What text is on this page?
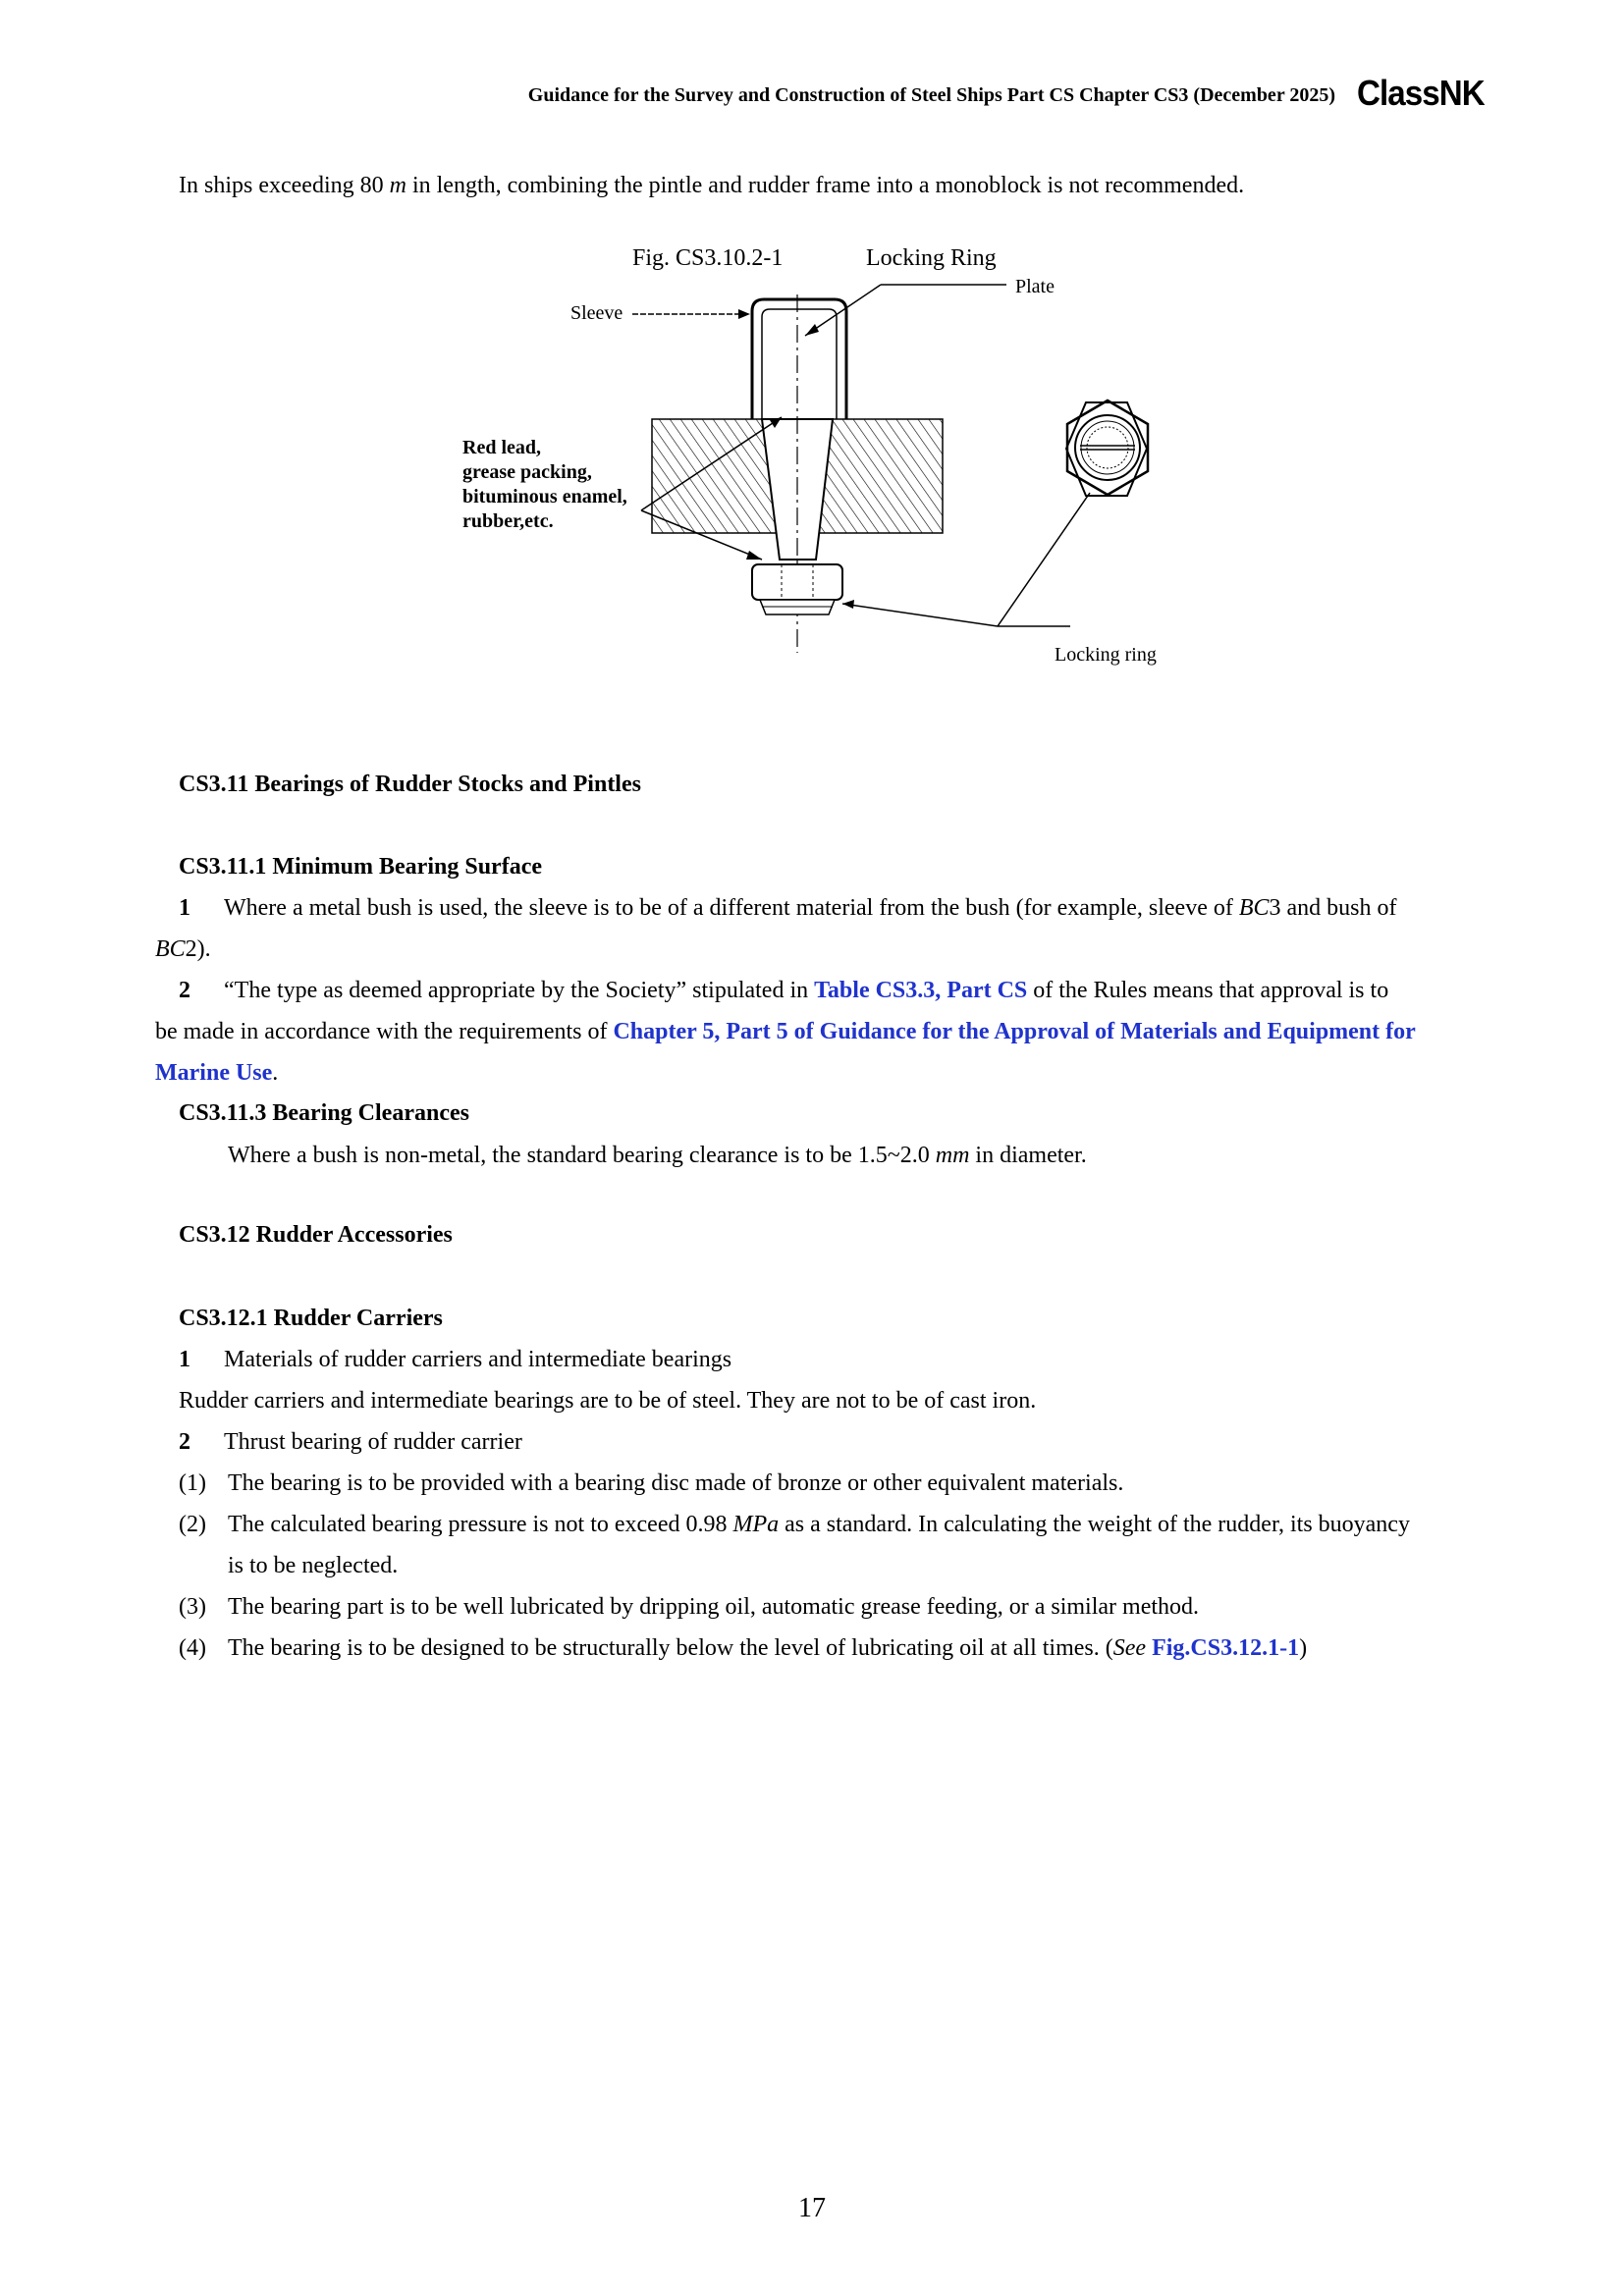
Guidance for the Survey and Construction of Steel Ships Part CS Chapter CS3 (December 2025) ClassNK
In ships exceeding 80 m in length, combining the pintle and rudder frame into a monoblock is not recommended.
Fig. CS3.10.2-1	Locking Ring
Plate
Sleeve
Red lead,
grease packing,
bituminous enamel,
rubber,etc.
Locking ring
CS3.11 Bearings of Rudder Stocks and Pintles
CS3.11.1 Minimum Bearing Surface
1 Where a metal bush is used, the sleeve is to be of a different material from the bush (for example, sleeve of BC3 and bush of
BC2).
2 “The type as deemed appropriate by the Society” stipulated in Table CS3.3, Part CS of the Rules means that approval is to
be made in accordance with the requirements of Chapter 5, Part 5 of Guidance for the Approval of Materials and Equipment for
Marine Use.
CS3.11.3 Bearing Clearances
Where a bush is non-metal, the standard bearing clearance is to be 1.5~2.0 mm in diameter.
CS3.12 Rudder Accessories
CS3.12.1 Rudder Carriers
1 Materials of rudder carriers and intermediate bearings
Rudder carriers and intermediate bearings are to be of steel. They are not to be of cast iron.
2 Thrust bearing of rudder carrier
(1) The bearing is to be provided with a bearing disc made of bronze or other equivalent materials.
(2) The calculated bearing pressure is not to exceed 0.98 MPa as a standard. In calculating the weight of the rudder, its buoyancy
is to be neglected.
(3) The bearing part is to be well lubricated by dripping oil, automatic grease feeding, or a similar method.
(4) The bearing is to be designed to be structurally below the level of lubricating oil at all times. (See Fig.CS3.12.1-1)
17
